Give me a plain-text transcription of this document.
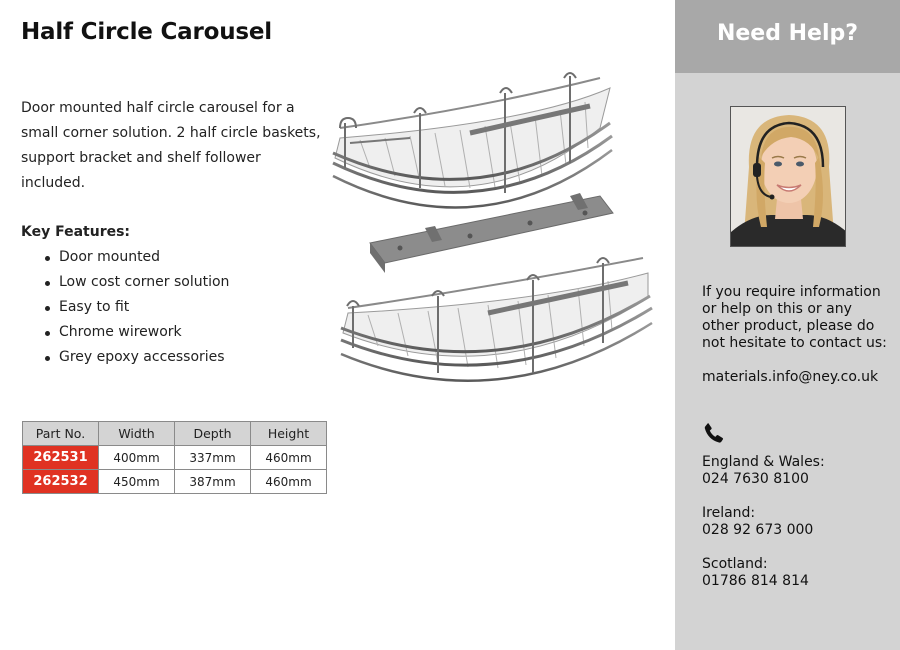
Half Circle Carousel

Door mounted half circle carousel for a small corner solution. 2 half circle baskets, support bracket and shelf follower included.

Key Features:
Door mounted
Low cost corner solution
Easy to fit
Chrome wirework
Grey epoxy accessories
Part No.	Width	Depth	Height
262531	400mm	337mm	460mm
262532	450mm	387mm	460mm
Need Help?
If you require information or help on this or any other product, please do not hesitate to contact us:
materials.info@ney.co.uk
England & Wales:
024 7630 8100
Ireland:
028 92 673 000
Scotland:
01786 814 814
